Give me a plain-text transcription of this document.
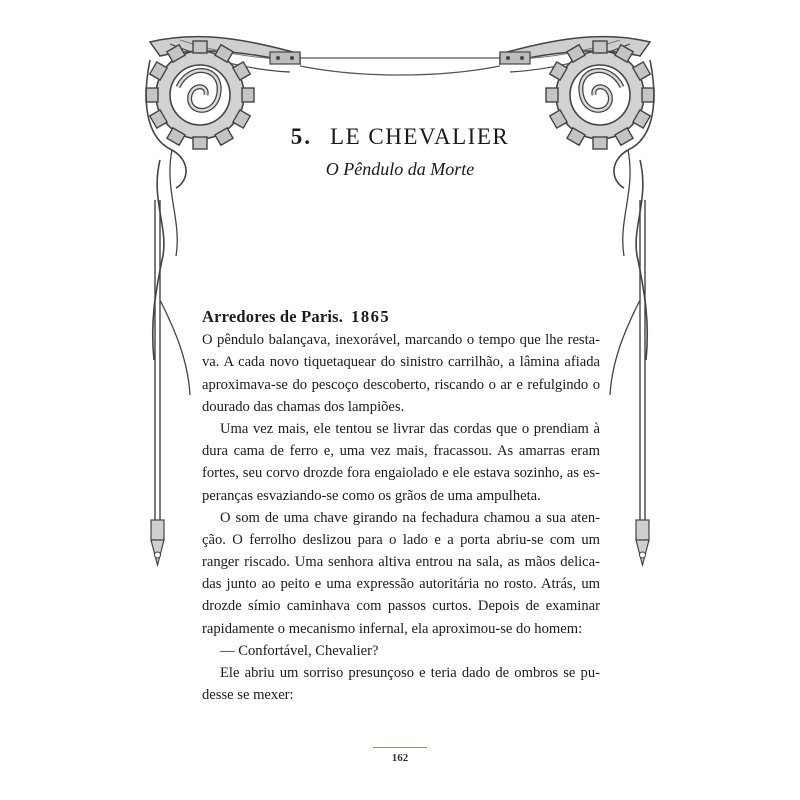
5. LE CHEVALIER

O Pêndulo da Morte

Arredores de Paris. 1865
O pêndulo balançava, inexorável, marcando o tempo que lhe resta-
va. A cada novo tiquetaquear do sinistro carrilhão, a lâmina afiada
aproximava-se do pescoço descoberto, riscando o ar e refulgindo o
dourado das chamas dos lampiões.
Uma vez mais, ele tentou se livrar das cordas que o prendiam à
dura cama de ferro e, uma vez mais, fracassou. As amarras eram
fortes, seu corvo drozde fora engaiolado e ele estava sozinho, as es-
peranças esvaziando-se como os grãos de uma ampulheta.
O som de uma chave girando na fechadura chamou a sua aten-
ção. O ferrolho deslizou para o lado e a porta abriu-se com um
ranger riscado. Uma senhora altiva entrou na sala, as mãos delica-
das junto ao peito e uma expressão autoritária no rosto. Atrás, um
drozde símio caminhava com passos curtos. Depois de examinar
rapidamente o mecanismo infernal, ela aproximou-se do homem:
— Confortável, Chevalier?
Ele abriu um sorriso presunçoso e teria dado de ombros se pu-
desse se mexer:
162
